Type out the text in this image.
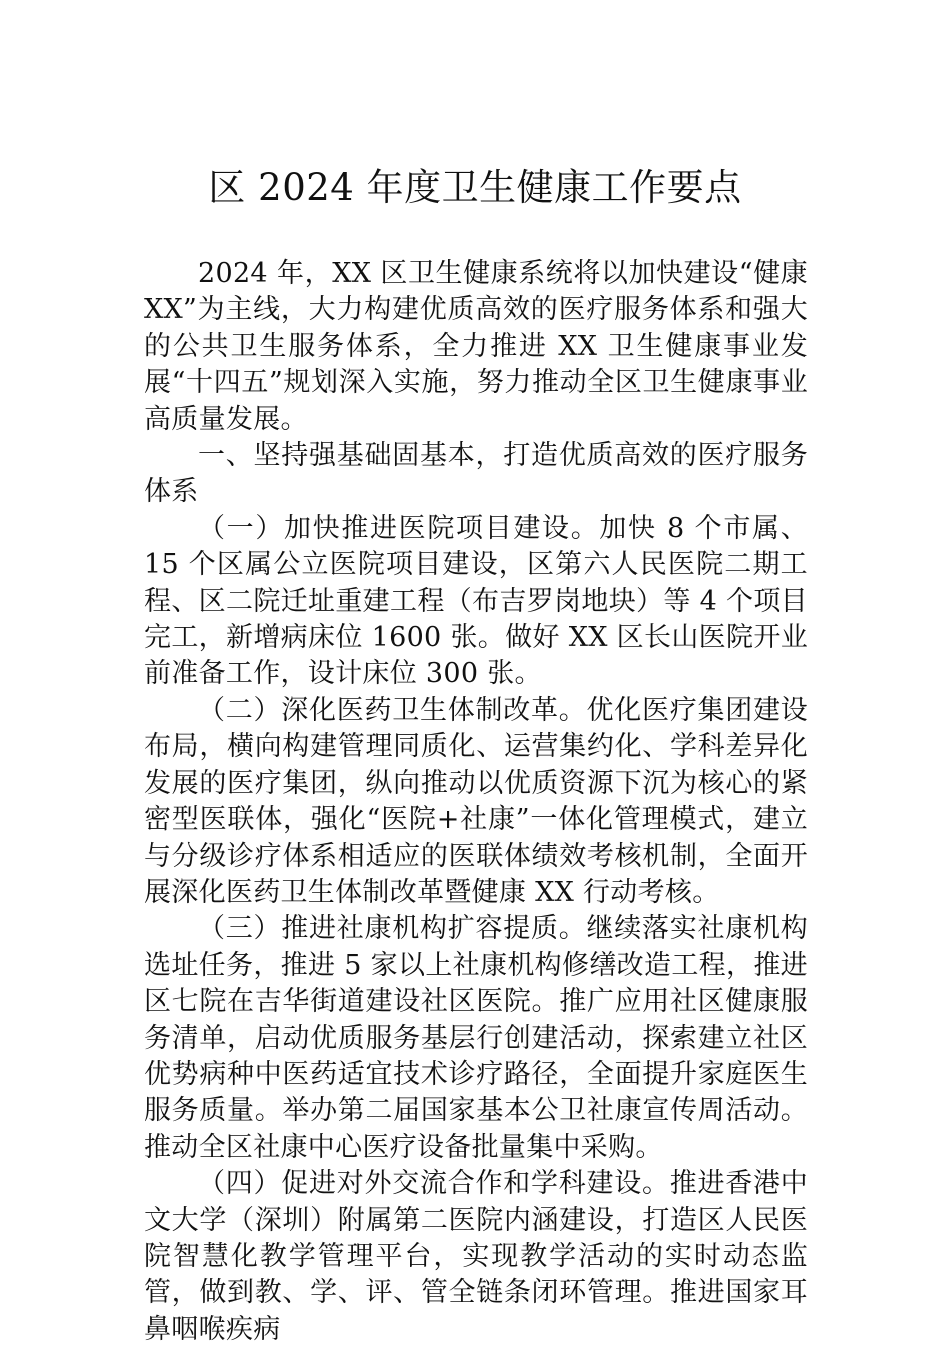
区 2024 年度卫生健康工作要点

2024 年，XX 区卫生健康系统将以加快建设“健康 XX”为主线，大力构建优质高效的医疗服务体系和强大的公共卫生服务体系，全力推进 XX 卫生健康事业发展“十四五”规划深入实施，努力推动全区卫生健康事业高质量发展。

一、坚持强基础固基本，打造优质高效的医疗服务体系

（一）加快推进医院项目建设。加快 8 个市属、15 个区属公立医院项目建设，区第六人民医院二期工程、区二院迁址重建工程（布吉罗岗地块）等 4 个项目完工，新增病床位 1600 张。做好 XX 区长山医院开业前准备工作，设计床位 300 张。

（二）深化医药卫生体制改革。优化医疗集团建设布局，横向构建管理同质化、运营集约化、学科差异化发展的医疗集团，纵向推动以优质资源下沉为核心的紧密型医联体，强化“医院+社康”一体化管理模式，建立与分级诊疗体系相适应的医联体绩效考核机制，全面开展深化医药卫生体制改革暨健康 XX 行动考核。

（三）推进社康机构扩容提质。继续落实社康机构选址任务，推进 5 家以上社康机构修缮改造工程，推进区七院在吉华街道建设社区医院。推广应用社区健康服务清单，启动优质服务基层行创建活动，探索建立社区优势病种中医药适宜技术诊疗路径，全面提升家庭医生服务质量。举办第二届国家基本公卫社康宣传周活动。推动全区社康中心医疗设备批量集中采购。

（四）促进对外交流合作和学科建设。推进香港中文大学（深圳）附属第二医院内涵建设，打造区人民医院智慧化教学管理平台，实现教学活动的实时动态监管，做到教、学、评、管全链条闭环管理。推进国家耳鼻咽喉疾病
